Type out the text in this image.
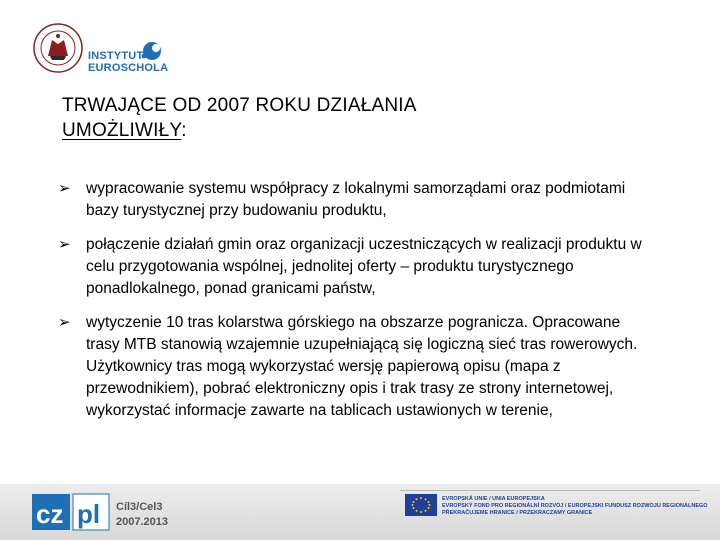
INSTYTUT
EUROSCHOLA
TRWAJĄCE OD 2007 ROKU DZIAŁANIA
UMOŻLIWIŁY:
➢ wypracowanie systemu współpracy z lokalnymi samorządami oraz podmiotami bazy turystycznej przy budowaniu produktu,
➢ połączenie działań gmin oraz organizacji uczestniczących w realizacji produktu w celu przygotowania wspólnej, jednolitej oferty – produktu turystycznego ponadlokalnego, ponad granicami państw,
➢ wytyczenie 10 tras kolarstwa górskiego na obszarze pogranicza. Opracowane trasy MTB stanowią wzajemnie uzupełniającą się logiczną sieć tras rowerowych. Użytkownicy tras mogą wykorzystać wersję papierową opisu (mapa z przewodnikiem), pobrać elektroniczny opis i trak trasy ze strony internetowej, wykorzystać informacje zawarte na tablicach ustawionych w terenie,
cz pl Cíl3/Cel3
2007.2013
EVROPSKÁ UNIE / UNIA EUROPEJSKA
EVROPSKÝ FOND PRO REGIONÁLNÍ ROZVOJ / EUROPEJSKI FUNDUSZ ROZWOJU REGIONALNEGO
PŘEKRAČUJEME HRANICE / PRZEKRACZAMY GRANICE
